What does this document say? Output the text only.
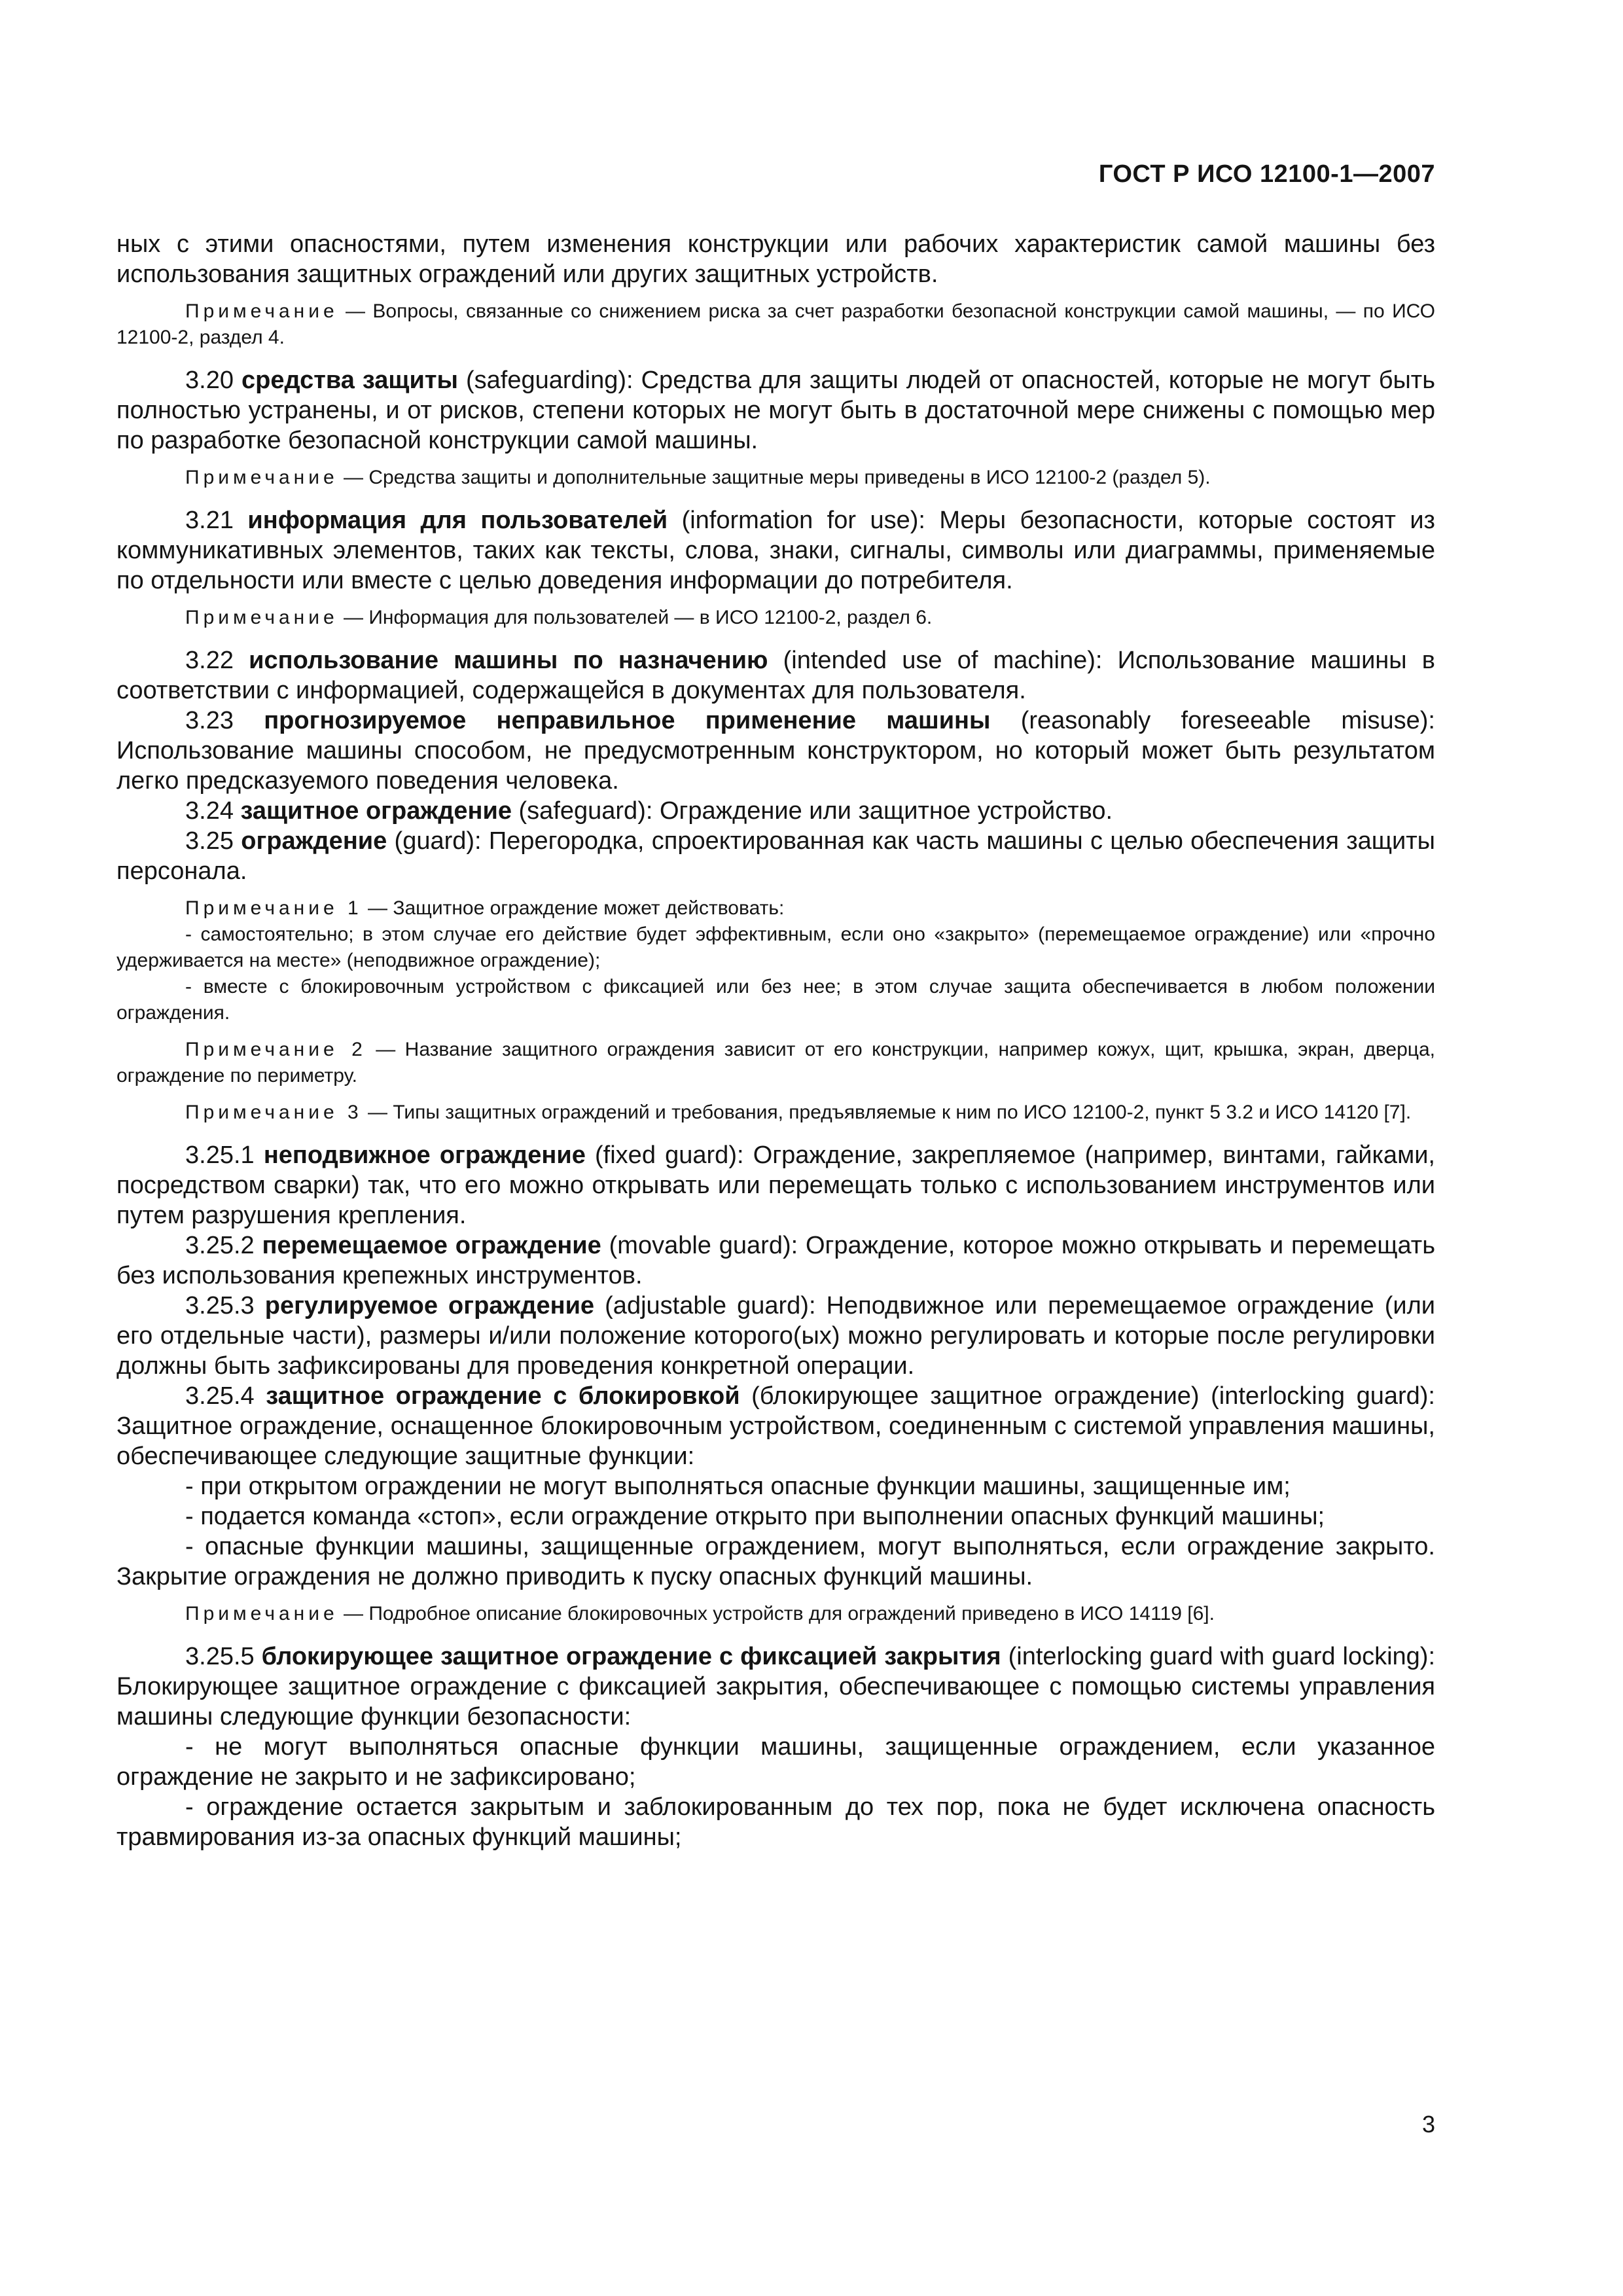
ГОСТ Р ИСО 12100-1—2007

ных с этими опасностями, путем изменения конструкции или рабочих характеристик самой машины без использования защитных ограждений или других защитных устройств.

Примечание — Вопросы, связанные со снижением риска за счет разработки безопасной конструкции самой машины, — по ИСО 12100-2, раздел 4.

3.20 средства защиты (safeguarding): Средства для защиты людей от опасностей, которые не могут быть полностью устранены, и от рисков, степени которых не могут быть в достаточной мере снижены с помощью мер по разработке безопасной конструкции самой машины.

Примечание — Средства защиты и дополнительные защитные меры приведены в ИСО 12100-2 (раздел 5).

3.21 информация для пользователей (information for use): Меры безопасности, которые состоят из коммуникативных элементов, таких как тексты, слова, знаки, сигналы, символы или диаграммы, применяемые по отдельности или вместе с целью доведения информации до потребителя.

Примечание — Информация для пользователей — в ИСО 12100-2, раздел 6.

3.22 использование машины по назначению (intended use of machine): Использование машины в соответствии с информацией, содержащейся в документах для пользователя.

3.23 прогнозируемое неправильное применение машины (reasonably foreseeable misuse): Использование машины способом, не предусмотренным конструктором, но который может быть результатом легко предсказуемого поведения человека.

3.24 защитное ограждение (safeguard): Ограждение или защитное устройство.

3.25 ограждение (guard): Перегородка, спроектированная как часть машины с целью обеспечения защиты персонала.

Примечание 1 — Защитное ограждение может действовать:

- самостоятельно; в этом случае его действие будет эффективным, если оно «закрыто» (перемещаемое ограждение) или «прочно удерживается на месте» (неподвижное ограждение);

- вместе с блокировочным устройством с фиксацией или без нее; в этом случае защита обеспечивается в любом положении ограждения.

Примечание 2 — Название защитного ограждения зависит от его конструкции, например кожух, щит, крышка, экран, дверца, ограждение по периметру.

Примечание 3 — Типы защитных ограждений и требования, предъявляемые к ним по ИСО 12100-2, пункт 5 3.2 и ИСО 14120 [7].

3.25.1 неподвижное ограждение (fixed guard): Ограждение, закрепляемое (например, винтами, гайками, посредством сварки) так, что его можно открывать или перемещать только с использованием инструментов или путем разрушения крепления.

3.25.2 перемещаемое ограждение (movable guard): Ограждение, которое можно открывать и перемещать без использования крепежных инструментов.

3.25.3 регулируемое ограждение (adjustable guard): Неподвижное или перемещаемое ограждение (или его отдельные части), размеры и/или положение которого(ых) можно регулировать и которые после регулировки должны быть зафиксированы для проведения конкретной операции.

3.25.4 защитное ограждение с блокировкой (блокирующее защитное ограждение) (interlocking guard): Защитное ограждение, оснащенное блокировочным устройством, соединенным с системой управления машины, обеспечивающее следующие защитные функции:

- при открытом ограждении не могут выполняться опасные функции машины, защищенные им;

- подается команда «стоп», если ограждение открыто при выполнении опасных функций машины;

- опасные функции машины, защищенные ограждением, могут выполняться, если ограждение закрыто. Закрытие ограждения не должно приводить к пуску опасных функций машины.

Примечание — Подробное описание блокировочных устройств для ограждений приведено в ИСО 14119 [6].

3.25.5 блокирующее защитное ограждение с фиксацией закрытия (interlocking guard with guard locking): Блокирующее защитное ограждение с фиксацией закрытия, обеспечивающее с помощью системы управления машины следующие функции безопасности:

- не могут выполняться опасные функции машины, защищенные ограждением, если указанное ограждение не закрыто и не зафиксировано;

- ограждение остается закрытым и заблокированным до тех пор, пока не будет исключена опасность травмирования из-за опасных функций машины;

3
